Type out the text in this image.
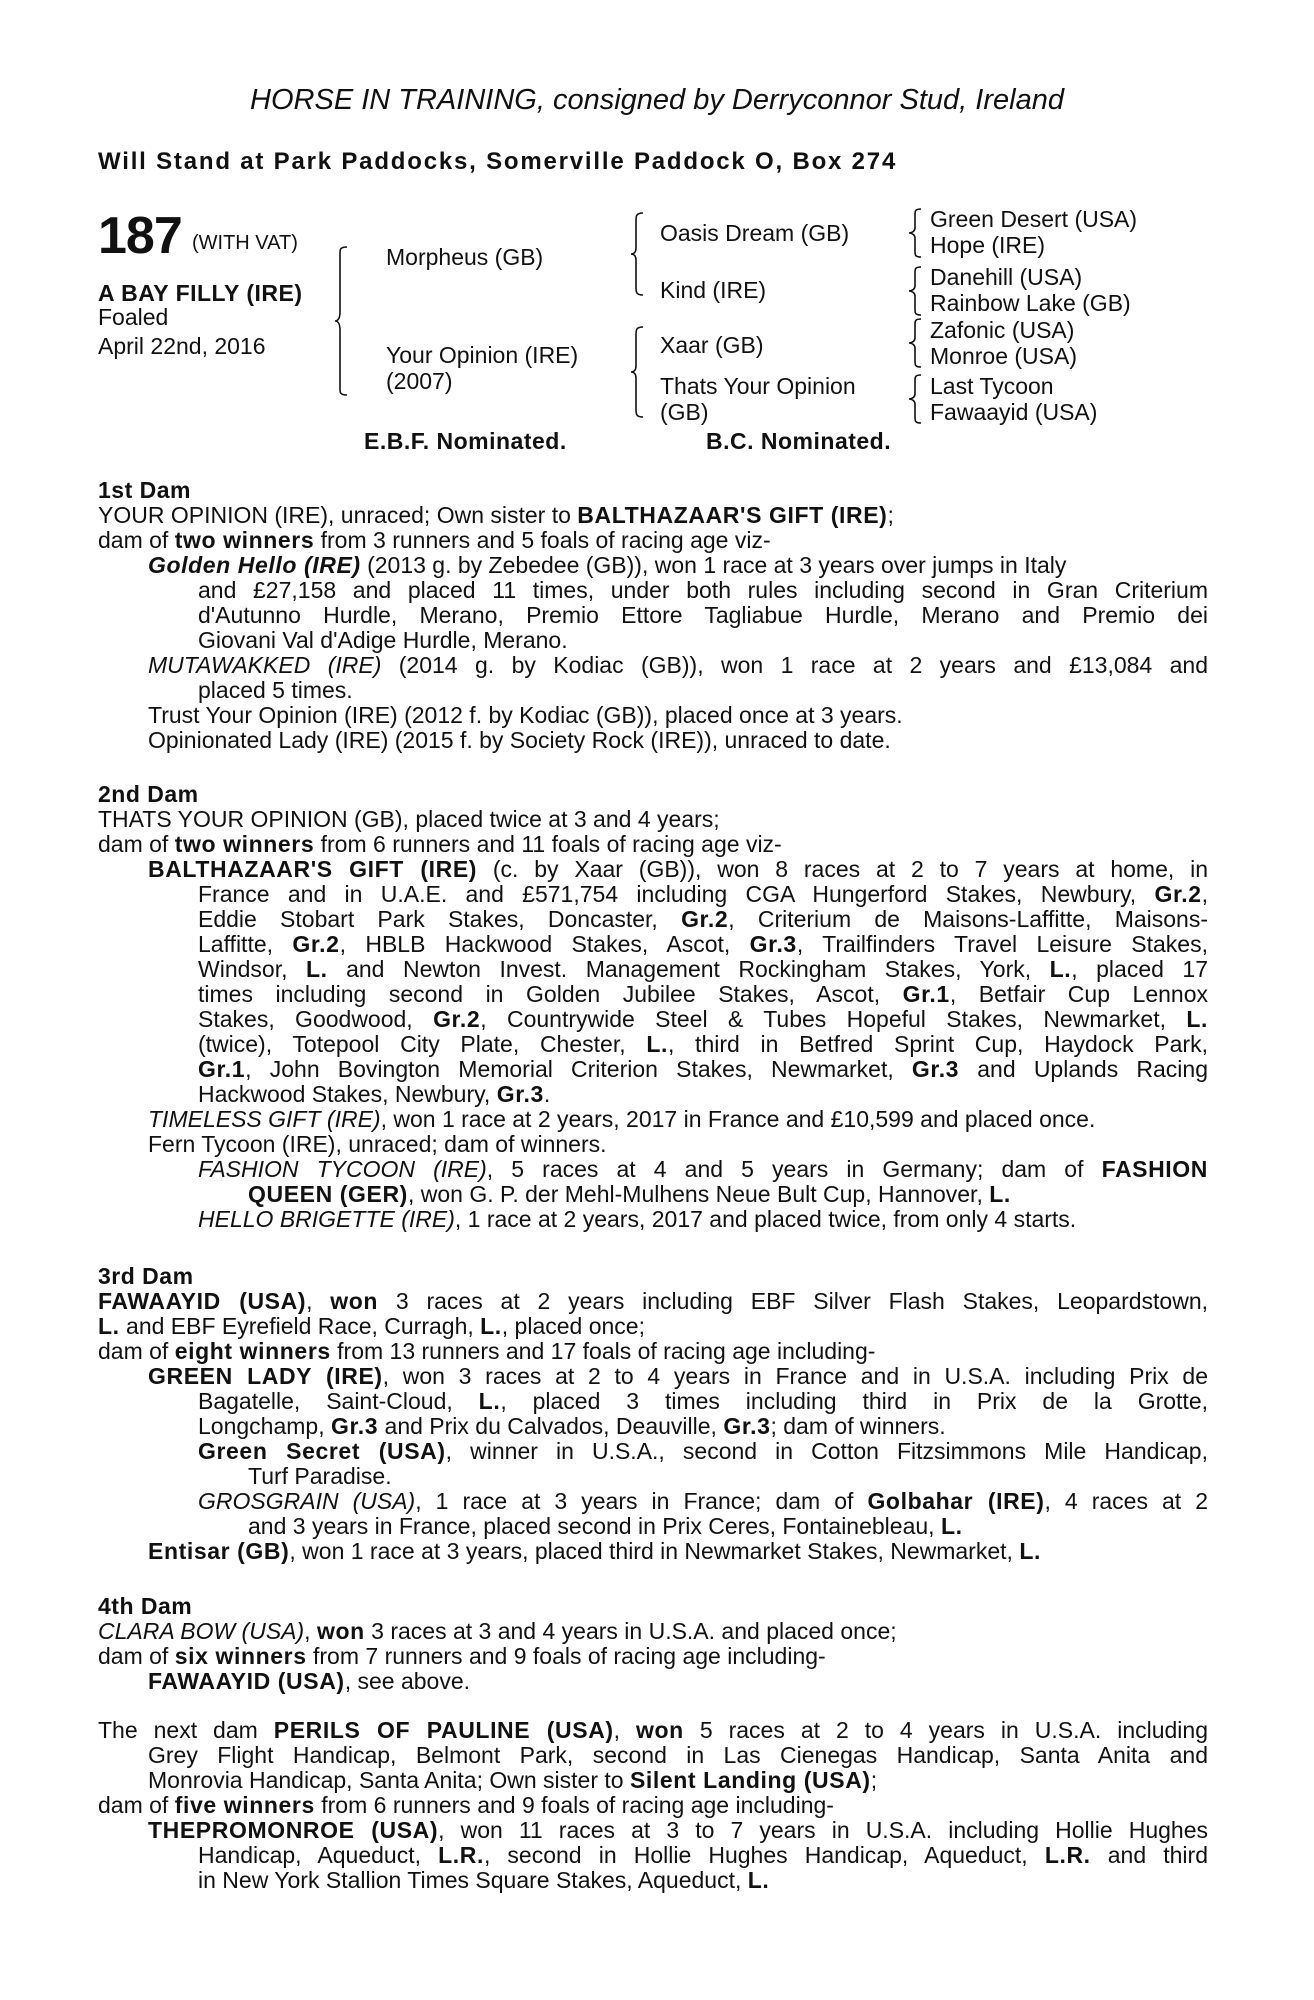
HORSE IN TRAINING, consigned by Derryconnor Stud, Ireland
Will Stand at Park Paddocks, Somerville Paddock O, Box 274
187 (WITH VAT)
A BAY FILLY (IRE)
Foaled
April 22nd, 2016
Morpheus (GB)
Your Opinion (IRE)
(2007)
Oasis Dream (GB)
Kind (IRE)
Xaar (GB)
Thats Your Opinion
(GB)
Green Desert (USA)
Hope (IRE)
Danehill (USA)
Rainbow Lake (GB)
Zafonic (USA)
Monroe (USA)
Last Tycoon
Fawaayid (USA)
E.B.F. Nominated.	B.C. Nominated.
1st Dam
YOUR OPINION (IRE), unraced; Own sister to BALTHAZAAR'S GIFT (IRE);
dam of two winners from 3 runners and 5 foals of racing age viz-
Golden Hello (IRE) (2013 g. by Zebedee (GB)), won 1 race at 3 years over jumps in Italy
and £27,158 and placed 11 times, under both rules including second in Gran Criterium
d'Autunno Hurdle, Merano, Premio Ettore Tagliabue Hurdle, Merano and Premio dei
Giovani Val d'Adige Hurdle, Merano.
MUTAWAKKED (IRE) (2014 g. by Kodiac (GB)), won 1 race at 2 years and £13,084 and
placed 5 times.
Trust Your Opinion (IRE) (2012 f. by Kodiac (GB)), placed once at 3 years.
Opinionated Lady (IRE) (2015 f. by Society Rock (IRE)), unraced to date.
2nd Dam
THATS YOUR OPINION (GB), placed twice at 3 and 4 years;
dam of two winners from 6 runners and 11 foals of racing age viz-
BALTHAZAAR'S GIFT (IRE) (c. by Xaar (GB)), won 8 races at 2 to 7 years at home, in
France and in U.A.E. and £571,754 including CGA Hungerford Stakes, Newbury, Gr.2,
Eddie Stobart Park Stakes, Doncaster, Gr.2, Criterium de Maisons-Laffitte, Maisons-
Laffitte, Gr.2, HBLB Hackwood Stakes, Ascot, Gr.3, Trailfinders Travel Leisure Stakes,
Windsor, L. and Newton Invest. Management Rockingham Stakes, York, L., placed 17
times including second in Golden Jubilee Stakes, Ascot, Gr.1, Betfair Cup Lennox
Stakes, Goodwood, Gr.2, Countrywide Steel & Tubes Hopeful Stakes, Newmarket, L.
(twice), Totepool City Plate, Chester, L., third in Betfred Sprint Cup, Haydock Park,
Gr.1, John Bovington Memorial Criterion Stakes, Newmarket, Gr.3 and Uplands Racing
Hackwood Stakes, Newbury, Gr.3.
TIMELESS GIFT (IRE), won 1 race at 2 years, 2017 in France and £10,599 and placed once.
Fern Tycoon (IRE), unraced; dam of winners.
FASHION TYCOON (IRE), 5 races at 4 and 5 years in Germany; dam of FASHION
QUEEN (GER), won G. P. der Mehl-Mulhens Neue Bult Cup, Hannover, L.
HELLO BRIGETTE (IRE), 1 race at 2 years, 2017 and placed twice, from only 4 starts.
3rd Dam
FAWAAYID (USA), won 3 races at 2 years including EBF Silver Flash Stakes, Leopardstown,
L. and EBF Eyrefield Race, Curragh, L., placed once;
dam of eight winners from 13 runners and 17 foals of racing age including-
GREEN LADY (IRE), won 3 races at 2 to 4 years in France and in U.S.A. including Prix de
Bagatelle, Saint-Cloud, L., placed 3 times including third in Prix de la Grotte,
Longchamp, Gr.3 and Prix du Calvados, Deauville, Gr.3; dam of winners.
Green Secret (USA), winner in U.S.A., second in Cotton Fitzsimmons Mile Handicap,
Turf Paradise.
GROSGRAIN (USA), 1 race at 3 years in France; dam of Golbahar (IRE), 4 races at 2
and 3 years in France, placed second in Prix Ceres, Fontainebleau, L.
Entisar (GB), won 1 race at 3 years, placed third in Newmarket Stakes, Newmarket, L.
4th Dam
CLARA BOW (USA), won 3 races at 3 and 4 years in U.S.A. and placed once;
dam of six winners from 7 runners and 9 foals of racing age including-
FAWAAYID (USA), see above.
The next dam PERILS OF PAULINE (USA), won 5 races at 2 to 4 years in U.S.A. including
Grey Flight Handicap, Belmont Park, second in Las Cienegas Handicap, Santa Anita and
Monrovia Handicap, Santa Anita; Own sister to Silent Landing (USA);
dam of five winners from 6 runners and 9 foals of racing age including-
THEPROMONROE (USA), won 11 races at 3 to 7 years in U.S.A. including Hollie Hughes
Handicap, Aqueduct, L.R., second in Hollie Hughes Handicap, Aqueduct, L.R. and third
in New York Stallion Times Square Stakes, Aqueduct, L.
